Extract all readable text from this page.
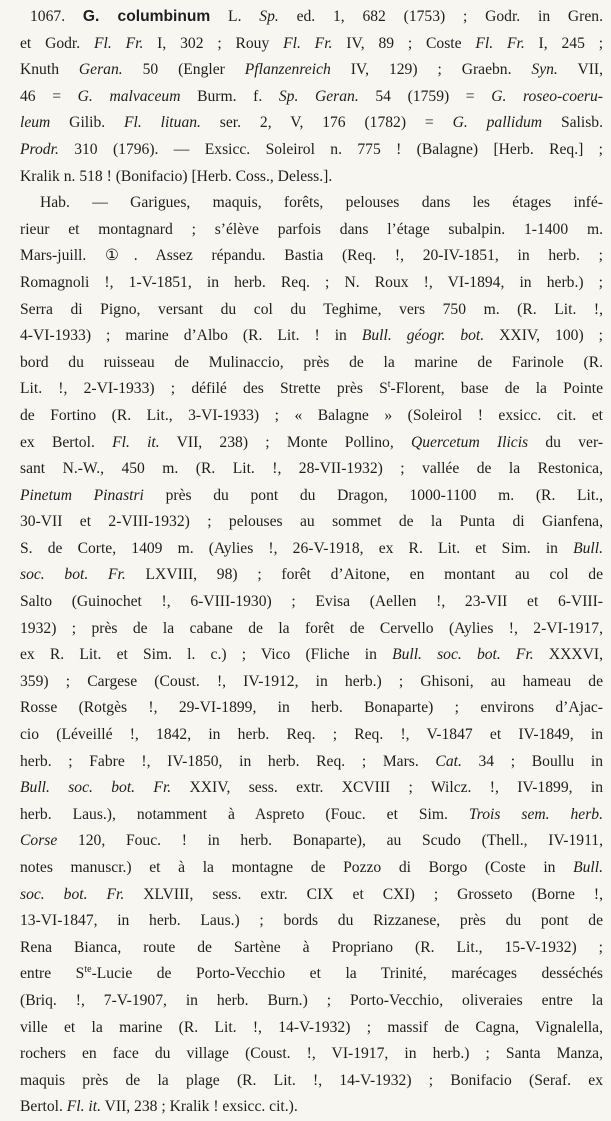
1067. G. columbinum L. Sp. ed. 1, 682 (1753) ; Godr. in Gren.
et Godr. Fl. Fr. I, 302 ; Rouy Fl. Fr. IV, 89 ; Coste Fl. Fr. I, 245 ;
Knuth Geran. 50 (Engler Pflanzenreich IV, 129) ; Graebn. Syn. VII,
46 = G. malvaceum Burm. f. Sp. Geran. 54 (1759) = G. roseo-coeru-
leum Gilib. Fl. lituan. ser. 2, V, 176 (1782) = G. pallidum Salisb.
Prodr. 310 (1796). — Exsicc. Soleirol n. 775 ! (Balagne) [Herb. Req.] ;
Kralik n. 518 ! (Bonifacio) [Herb. Coss., Deless.].
Hab. — Garigues, maquis, forêts, pelouses dans les étages infé-
rieur et montagnard ; s’élève parfois dans l’étage subalpin. 1-1400 m.
Mars-juill. ①. Assez répandu. Bastia (Req. !, 20-IV-1851, in herb. ;
Romagnoli !, 1-V-1851, in herb. Req. ; N. Roux !, VI-1894, in herb.) ;
Serra di Pigno, versant du col du Teghime, vers 750 m. (R. Lit. !,
4-VI-1933) ; marine d’Albo (R. Lit. ! in Bull. géogr. bot. XXIV, 100) ;
bord du ruisseau de Mulinaccio, près de la marine de Farinole (R.
Lit. !, 2-VI-1933) ; défilé des Strette près $S^t$-Florent, base de la Pointe
de Fortino (R. Lit., 3-VI-1933) ; « Balagne » (Soleirol ! exsicc. cit. et
ex Bertol. Fl. it. VII, 238) ; Monte Pollino, Quercetum Ilicis du ver-
sant N.-W., 450 m. (R. Lit. !, 28-VII-1932) ; vallée de la Restonica,
Pinetum Pinastri près du pont du Dragon, 1000-1100 m. (R. Lit.,
30-VII et 2-VIII-1932) ; pelouses au sommet de la Punta di Gianfena,
S. de Corte, 1409 m. (Aylies !, 26-V-1918, ex R. Lit. et Sim. in Bull.
soc. bot. Fr. LXVIII, 98) ; forêt d’Aitone, en montant au col de
Salto (Guinochet !, 6-VIII-1930) ; Evisa (Aellen !, 23-VII et 6-VIII-
1932) ; près de la cabane de la forêt de Cervello (Aylies !, 2-VI-1917,
ex R. Lit. et Sim. l. c.) ; Vico (Fliche in Bull. soc. bot. Fr. XXXVI,
359) ; Cargese (Coust. !, IV-1912, in herb.) ; Ghisoni, au hameau de
Rosse (Rotgès !, 29-VI-1899, in herb. Bonaparte) ; environs d’Ajac-
cio (Léveillé !, 1842, in herb. Req. ; Req. !, V-1847 et IV-1849, in
herb. ; Fabre !, IV-1850, in herb. Req. ; Mars. Cat. 34 ; Boullu in
Bull. soc. bot. Fr. XXIV, sess. extr. XCVIII ; Wilcz. !, IV-1899, in
herb. Laus.), notamment à Aspreto (Fouc. et Sim. Trois sem. herb.
Corse 120, Fouc. ! in herb. Bonaparte), au Scudo (Thell., IV-1911,
notes manuscr.) et à la montagne de Pozzo di Borgo (Coste in Bull.
soc. bot. Fr. XLVIII, sess. extr. CIX et CXI) ; Grosseto (Borne !,
13-VI-1847, in herb. Laus.) ; bords du Rizzanese, près du pont de
Rena Bianca, route de Sartène à Propriano (R. Lit., 15-V-1932) ;
entre $S^{te}$-Lucie de Porto-Vecchio et la Trinité, marécages desséchés
(Briq. !, 7-V-1907, in herb. Burn.) ; Porto-Vecchio, oliveraies entre la
ville et la marine (R. Lit. !, 14-V-1932) ; massif de Cagna, Vignalella,
rochers en face du village (Coust. !, VI-1917, in herb.) ; Santa Manza,
maquis près de la plage (R. Lit. !, 14-V-1932) ; Bonifacio (Seraf. ex
Bertol. Fl. it. VII, 238 ; Kralik ! exsicc. cit.).
